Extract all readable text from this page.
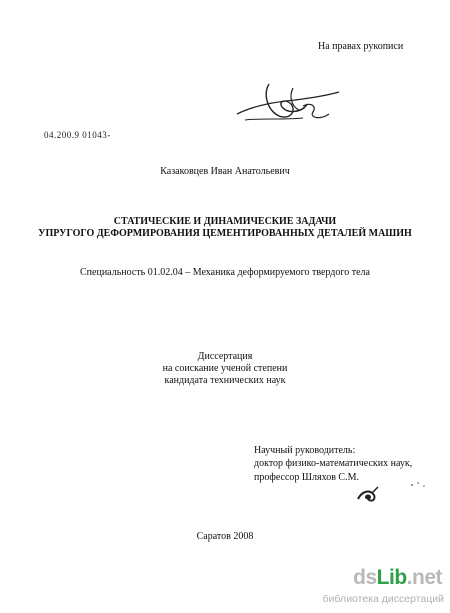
На правах рукописи
04.200.9 01043-
Казаковцев Иван Анатольевич
СТАТИЧЕСКИЕ И ДИНАМИЧЕСКИЕ ЗАДАЧИ
УПРУГОГО ДЕФОРМИРОВАНИЯ ЦЕМЕНТИРОВАННЫХ ДЕТАЛЕЙ МАШИН
Специальность 01.02.04 – Механика деформируемого твердого тела
Диссертация
на соискание ученой степени
кандидата технических наук
Научный руководитель:
доктор физико-математических наук,
профессор Шляхов С.М.
Саратов 2008
dsLib.net
библиотека диссертаций
